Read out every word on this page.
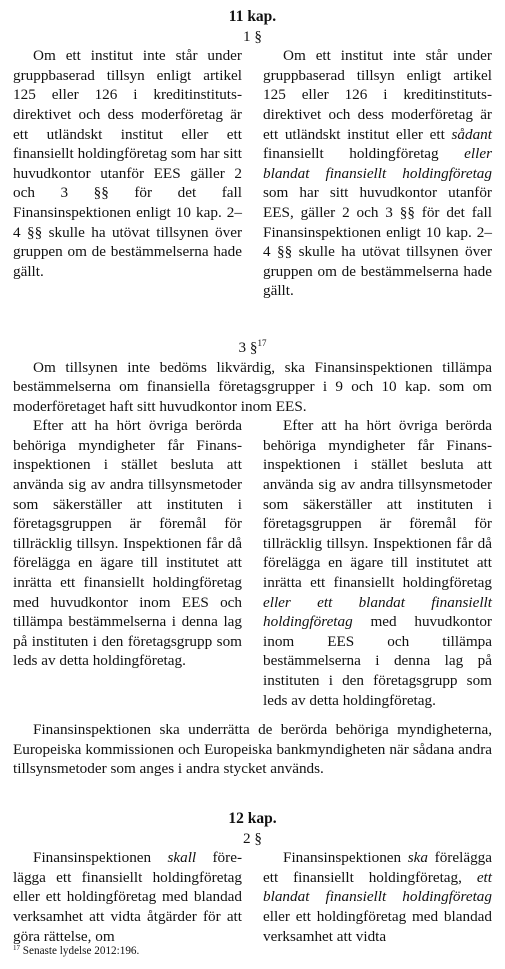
11 kap.
1 §

Om ett institut inte står under gruppbaserad tillsyn enligt artikel 125 eller 126 i kreditinstitutsdirektivet och dess moderföretag är ett utländskt institut eller ett finansiellt holdingföretag som har sitt huvudkontor utanför EES gäller 2 och 3 §§ för det fall Finansinspektionen enligt 10 kap. 2–4 §§ skulle ha utövat tillsynen över gruppen om de bestämmelserna hade gällt.

Om ett institut inte står under gruppbaserad tillsyn enligt artikel 125 eller 126 i kreditinstitutsdirektivet och dess moderföretag är ett utländskt institut eller ett sådant finansiellt holdingföretag eller blandat finansiellt holdingföretag som har sitt huvudkontor utanför EES, gäller 2 och 3 §§ för det fall Finansinspektionen enligt 10 kap. 2–4 §§ skulle ha utövat tillsynen över gruppen om de bestämmelserna hade gällt.

3 §$^{17}$

Om tillsynen inte bedöms likvärdig, ska Finansinspektionen tillämpa bestämmelserna om finansiella företagsgrupper i 9 och 10 kap. som om moderföretaget haft sitt huvudkontor inom EES.

Efter att ha hört övriga berörda behöriga myndigheter får Finansinspektionen i stället besluta att använda sig av andra tillsynsmetoder som säkerställer att instituten i företagsgruppen är föremål för tillräcklig tillsyn. Inspektionen får då förelägga en ägare till institutet att inrätta ett finansiellt holdingföretag med huvudkontor inom EES och tillämpa bestämmelserna i denna lag på instituten i den företagsgrupp som leds av detta holdingföretag.

Efter att ha hört övriga berörda behöriga myndigheter får Finansinspektionen i stället besluta att använda sig av andra tillsynsmetoder som säkerställer att instituten i företagsgruppen är föremål för tillräcklig tillsyn. Inspektionen får då förelägga en ägare till institutet att inrätta ett finansiellt holdingföretag eller ett blandat finansiellt holdingföretag med huvudkontor inom EES och tillämpa bestämmelserna i denna lag på instituten i den företagsgrupp som leds av detta holdingföretag.

Finansinspektionen ska underrätta de berörda behöriga myndigheterna, Europeiska kommissionen och Europeiska bankmyndigheten när sådana andra tillsynsmetoder som anges i andra stycket används.

12 kap.
2 §

Finansinspektionen skall förelägga ett finansiellt holdingföretag eller ett holdingföretag med blandad verksamhet att vidta åtgärder för att göra rättelse, om

Finansinspektionen ska förelägga ett finansiellt holdingföretag, ett blandat finansiellt holdingföretag eller ett holdingföretag med blandad verksamhet att vidta

$^{17}$ Senaste lydelse 2012:196.
